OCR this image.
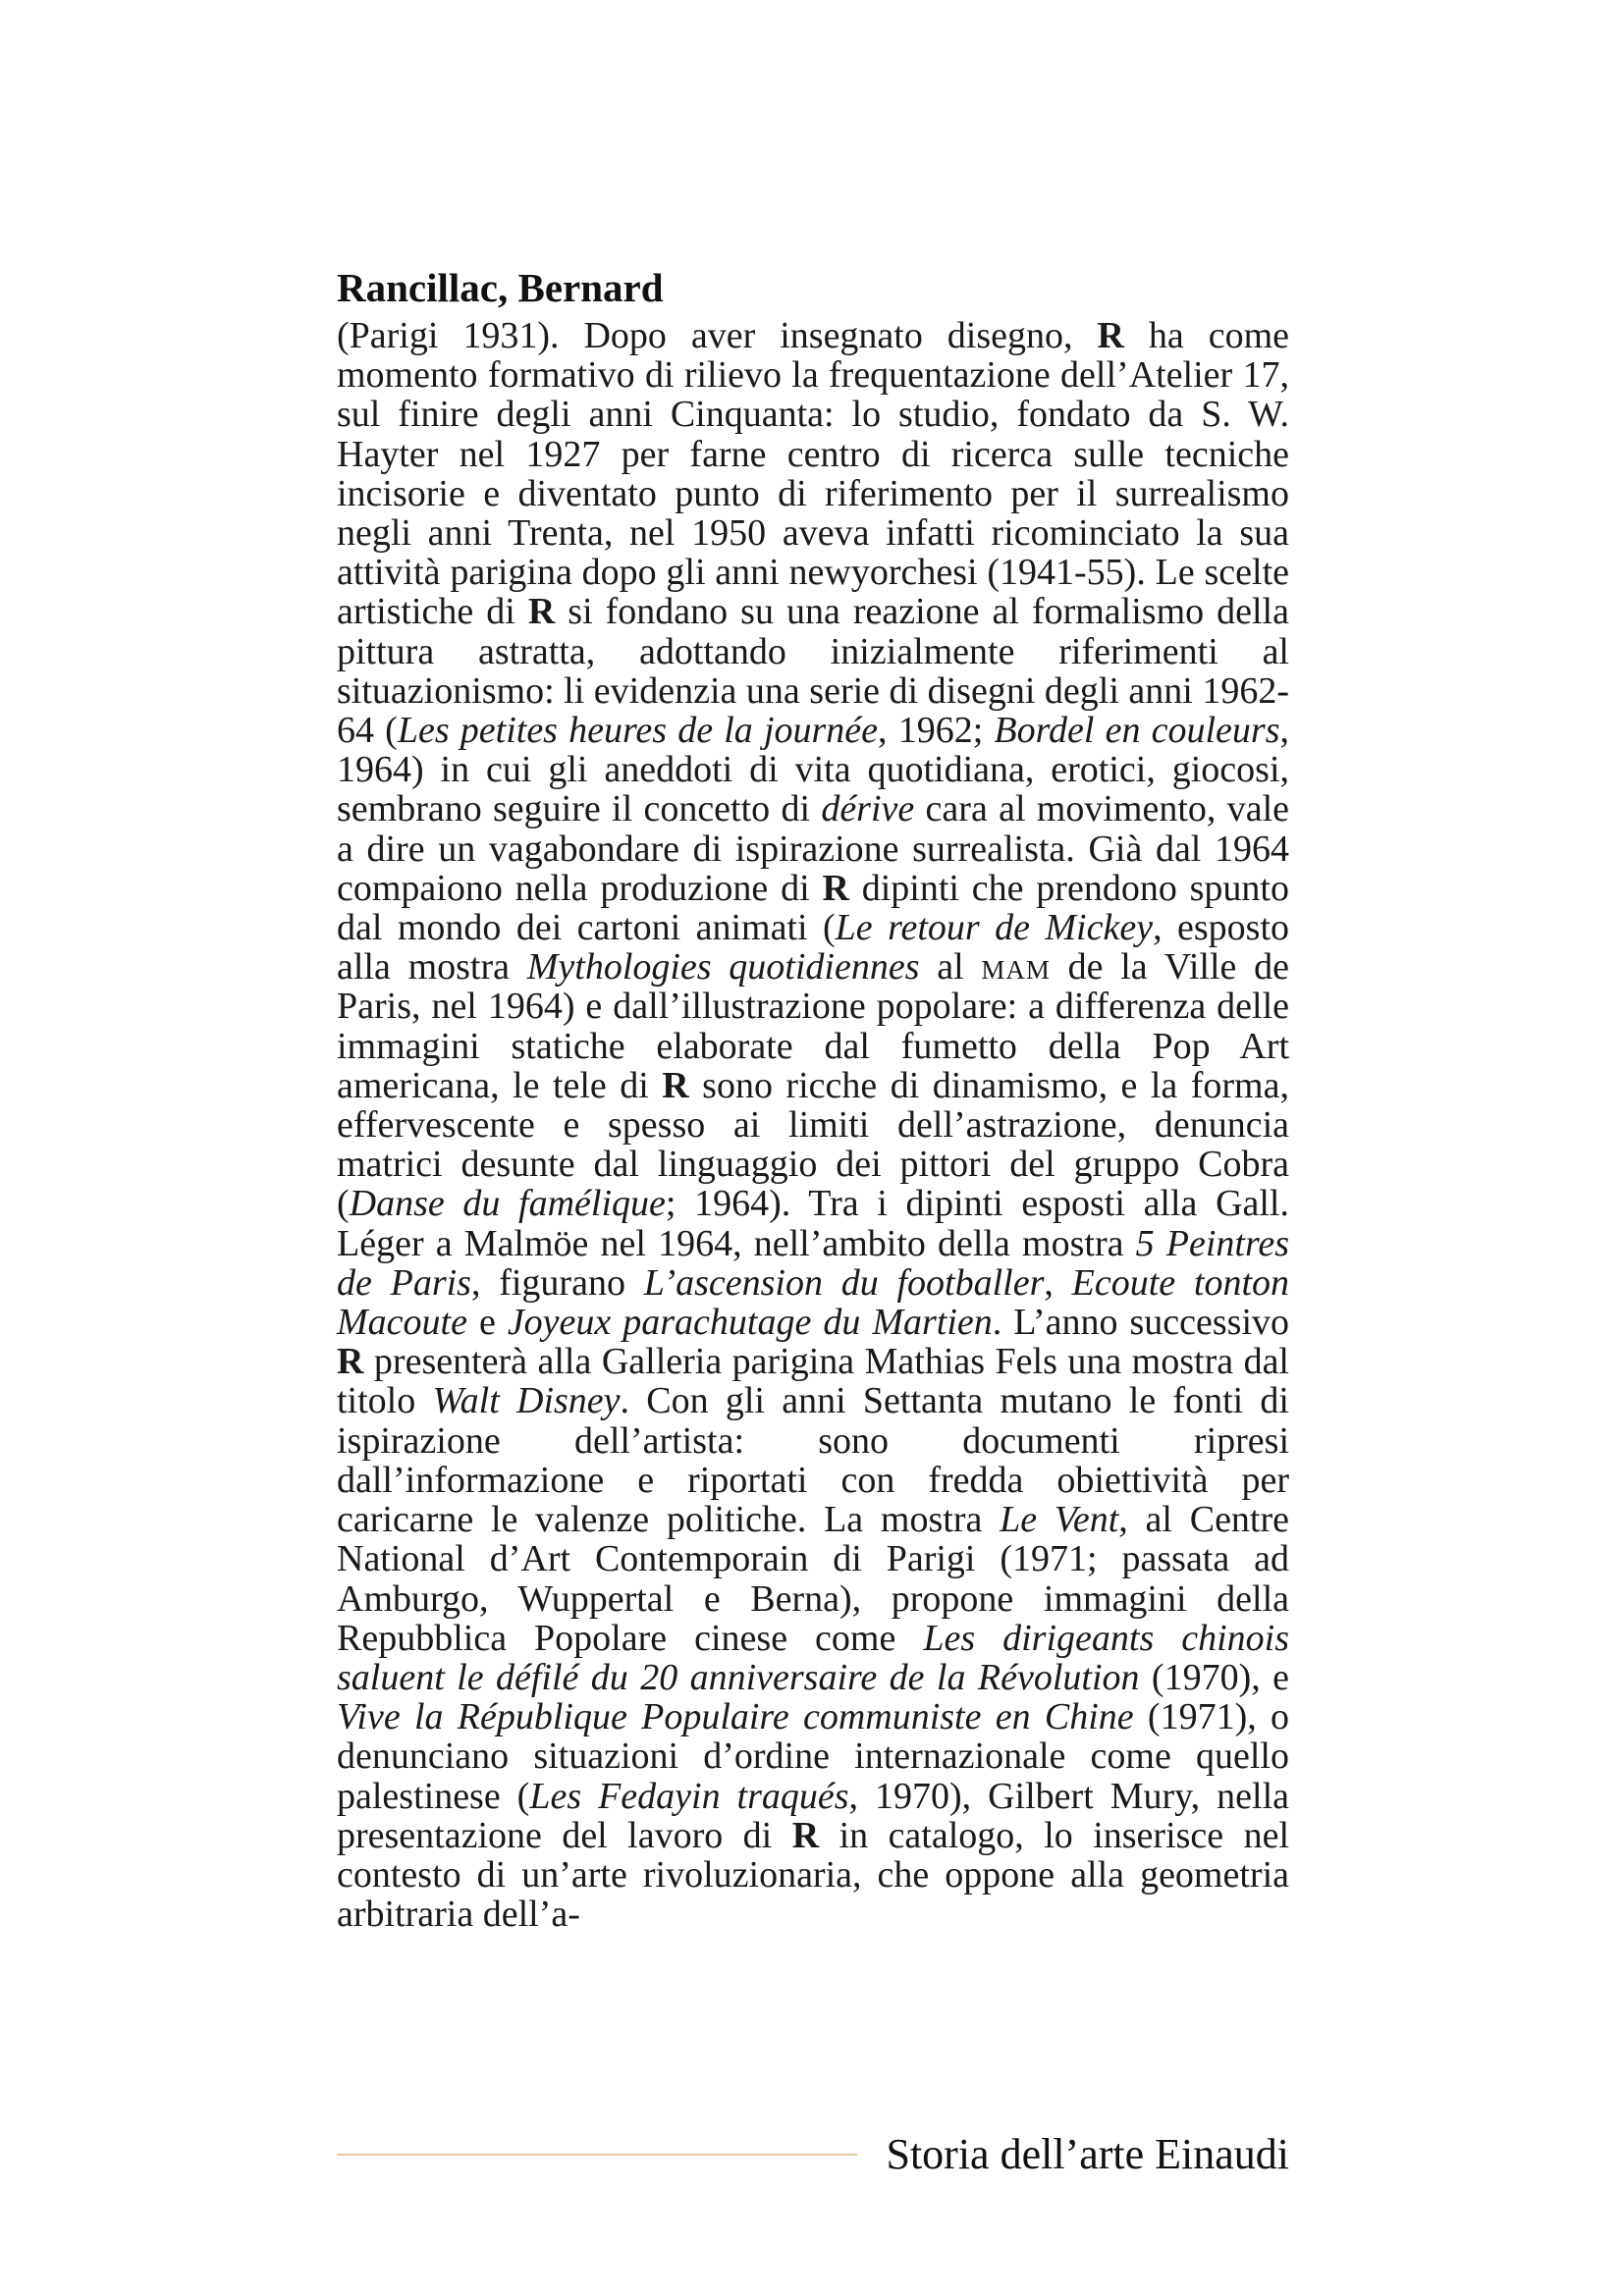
Rancillac, Bernard

(Parigi 1931). Dopo aver insegnato disegno, R ha come momento formativo di rilievo la frequentazione dell’Atelier 17, sul finire degli anni Cinquanta: lo studio, fondato da S. W. Hayter nel 1927 per farne centro di ricerca sulle tecniche incisorie e diventato punto di riferimento per il surrealismo negli anni Trenta, nel 1950 aveva infatti ricominciato la sua attività parigina dopo gli anni newyorchesi (1941-55). Le scelte artistiche di R si fondano su una reazione al formalismo della pittura astratta, adottando inizialmente riferimenti al situazionismo: li evidenzia una serie di disegni degli anni 1962-64 (Les petites heures de la journée, 1962; Bordel en couleurs, 1964) in cui gli aneddoti di vita quotidiana, erotici, giocosi, sembrano seguire il concetto di dérive cara al movimento, vale a dire un vagabondare di ispirazione surrealista. Già dal 1964 compaiono nella produzione di R dipinti che prendono spunto dal mondo dei cartoni animati (Le retour de Mickey, esposto alla mostra Mythologies quotidiennes al mam de la Ville de Paris, nel 1964) e dall’illustrazione popolare: a differenza delle immagini statiche elaborate dal fumetto della Pop Art americana, le tele di R sono ricche di dinamismo, e la forma, effervescente e spesso ai limiti dell’astrazione, denuncia matrici desunte dal linguaggio dei pittori del gruppo Cobra (Danse du famélique; 1964). Tra i dipinti esposti alla Gall. Léger a Malmöe nel 1964, nell’ambito della mostra 5 Peintres de Paris, figurano L’ascension du footballer, Ecoute tonton Macoute e Joyeux parachutage du Martien. L’anno successivo R presenterà alla Galleria parigina Mathias Fels una mostra dal titolo Walt Disney. Con gli anni Settanta mutano le fonti di ispirazione dell’artista: sono documenti ripresi dall’informazione e riportati con fredda obiettività per caricarne le valenze politiche. La mostra Le Vent, al Centre National d’Art Contemporain di Parigi (1971; passata ad Amburgo, Wuppertal e Berna), propone immagini della Repubblica Popolare cinese come Les dirigeants chinois saluent le défilé du 20 anniversaire de la Révolution (1970), e Vive la République Populaire communiste en Chine (1971), o denunciano situazioni d’ordine internazionale come quello palestinese (Les Fedayin traqués, 1970), Gilbert Mury, nella presentazione del lavoro di R in catalogo, lo inserisce nel contesto di un’arte rivoluzionaria, che oppone alla geometria arbitraria dell’a-

Storia dell’arte Einaudi
